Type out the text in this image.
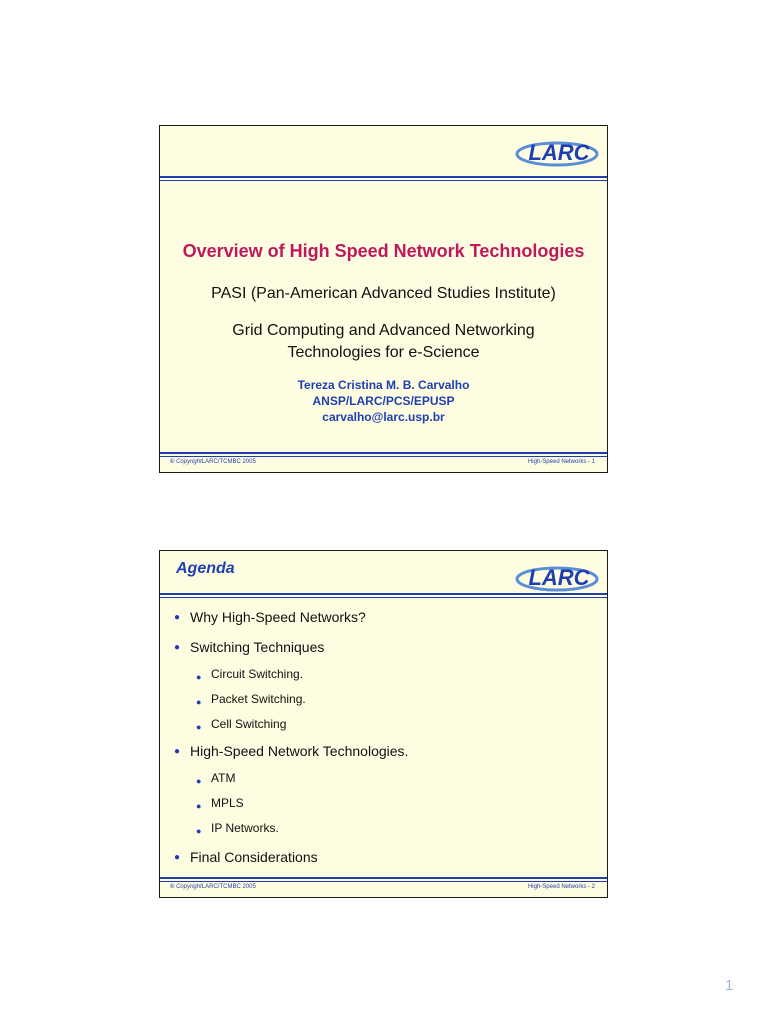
LARC
Overview of High Speed Network Technologies
PASI (Pan-American Advanced Studies Institute)
Grid Computing and Advanced Networking
Technologies for e-Science
Tereza Cristina M. B. Carvalho
ANSP/LARC/PCS/EPUSP
carvalho@larc.usp.br
© CopyrightLARC/TCMBC 2005	High-Speed Networks - 1
Agenda	LARC
● Why High-Speed Networks?
● Switching Techniques
● Circuit Switching.
● Packet Switching.
● Cell Switching
● High-Speed Network Technologies.
● ATM
● MPLS
● IP Networks.
● Final Considerations
© CopyrightLARC/TCMBC 2005	High-Speed Networks - 2
1
